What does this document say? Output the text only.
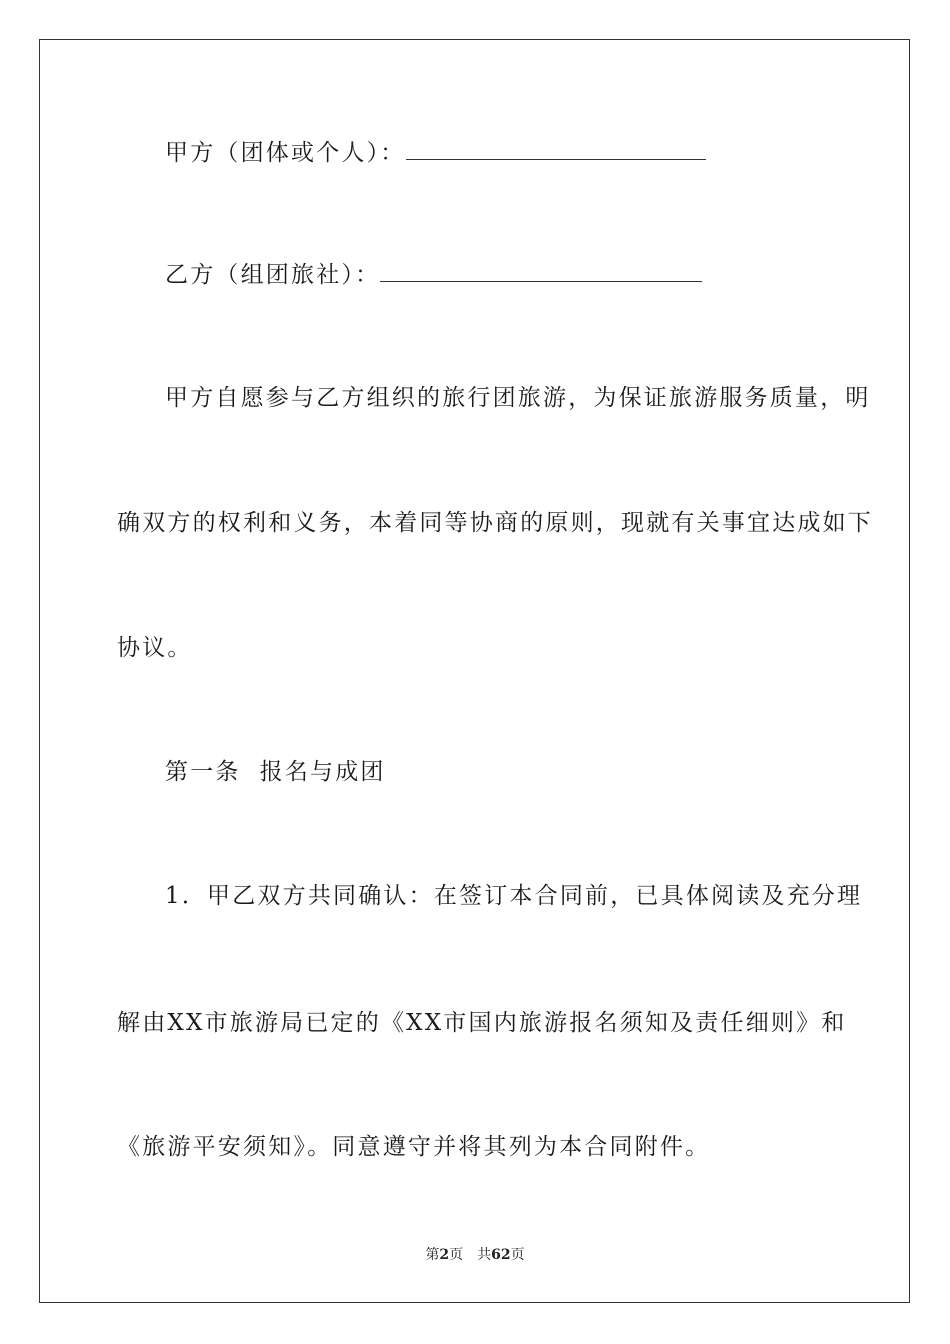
甲方（团体或个人）：
乙方（组团旅社）：
甲方自愿参与乙方组织的旅行团旅游，为保证旅游服务质量，明
确双方的权利和义务，本着同等协商的原则，现就有关事宜达成如下
协议。
第一条  报名与成团
1．甲乙双方共同确认：在签订本合同前，已具体阅读及充分理
解由XX市旅游局已定的《XX市国内旅游报名须知及责任细则》和
《旅游平安须知》。同意遵守并将其列为本合同附件。
第2页 共62页
